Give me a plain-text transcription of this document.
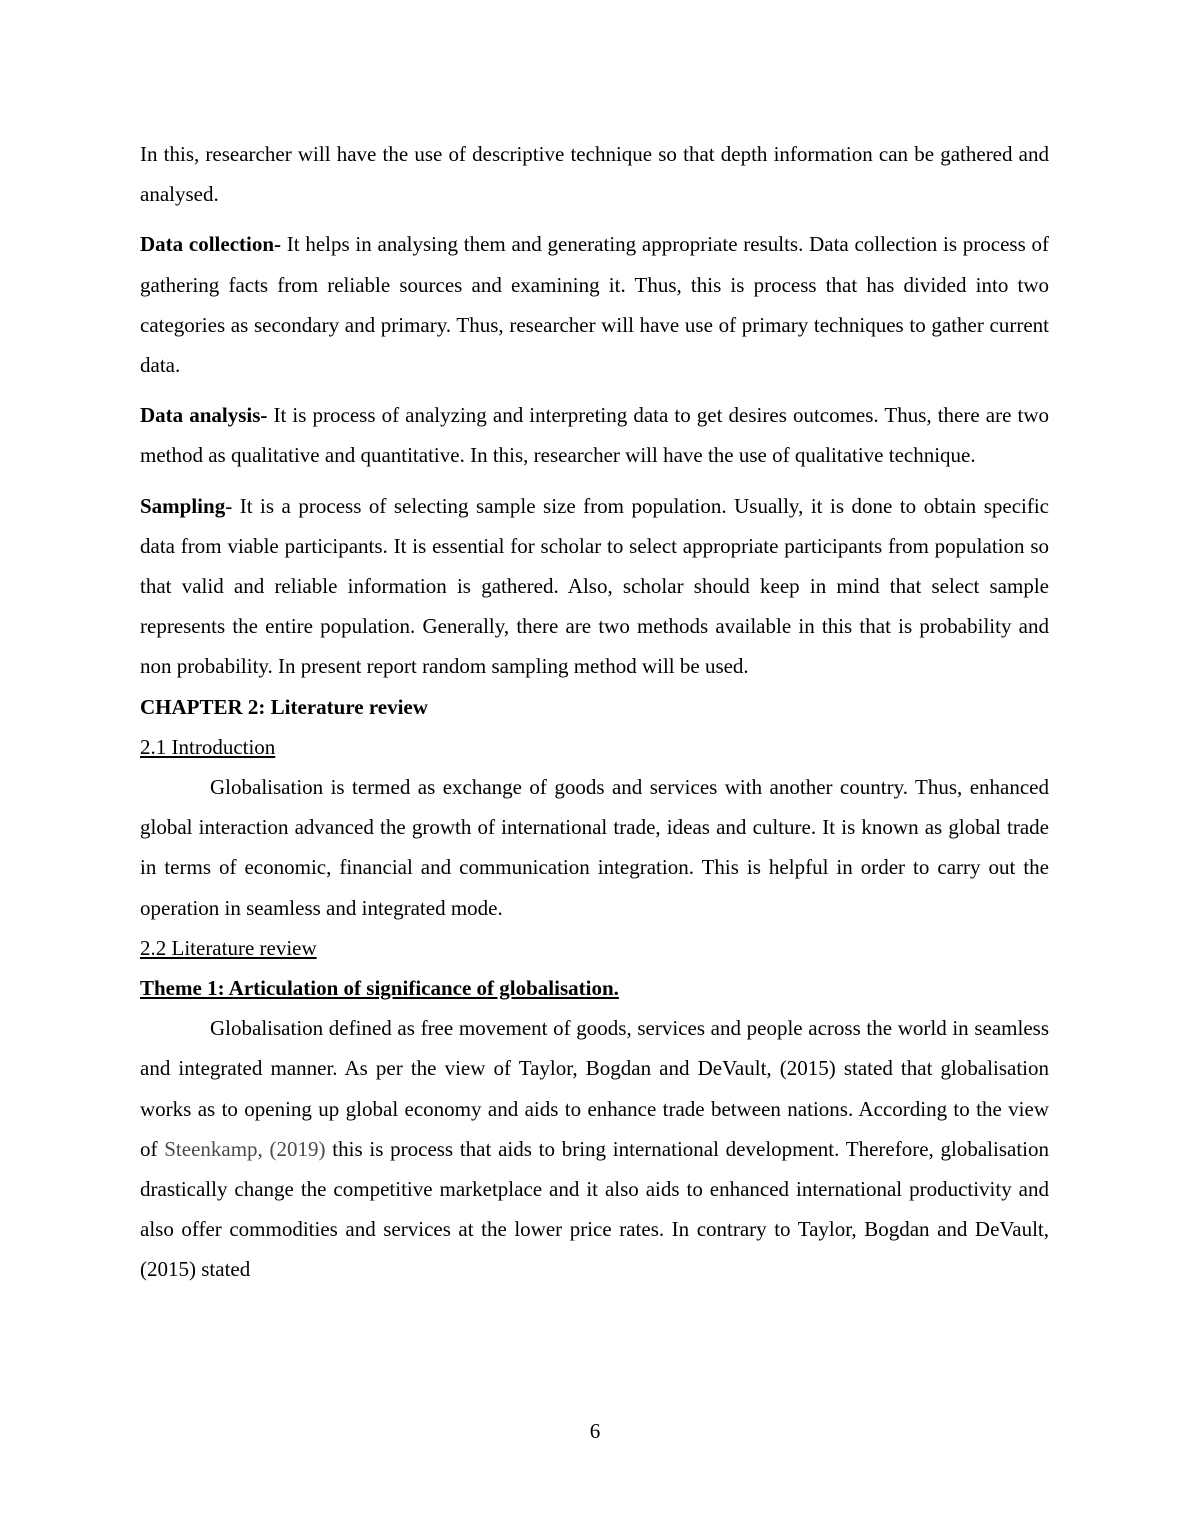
In this, researcher will have the use of descriptive technique so that depth information can be gathered and analysed.

Data collection- It helps in analysing them and generating appropriate results. Data collection is process of gathering facts from reliable sources and examining it. Thus, this is process that has divided into two categories as secondary and primary. Thus, researcher will have use of primary techniques to gather current data.

Data analysis- It is process of analyzing and interpreting data to get desires outcomes. Thus, there are two method as qualitative and quantitative. In this, researcher will have the use of qualitative technique.

Sampling- It is a process of selecting sample size from population. Usually, it is done to obtain specific data from viable participants. It is essential for scholar to select appropriate participants from population so that valid and reliable information is gathered. Also, scholar should keep in mind that select sample represents the entire population. Generally, there are two methods available in this that is probability and non probability. In present report random sampling method will be used.

CHAPTER 2: Literature review
2.1 Introduction

Globalisation is termed as exchange of goods and services with another country. Thus, enhanced global interaction advanced the growth of international trade, ideas and culture. It is known as global trade in terms of economic, financial and communication integration. This is helpful in order to carry out the operation in seamless and integrated mode.

2.2 Literature review
Theme 1: Articulation of significance of globalisation.

Globalisation defined as free movement of goods, services and people across the world in seamless and integrated manner. As per the view of Taylor, Bogdan and DeVault, (2015) stated that globalisation works as to opening up global economy and aids to enhance trade between nations. According to the view of Steenkamp, (2019) this is process that aids to bring international development. Therefore, globalisation drastically change the competitive marketplace and it also aids to enhanced international productivity and also offer commodities and services at the lower price rates. In contrary to Taylor, Bogdan and DeVault, (2015) stated

6
